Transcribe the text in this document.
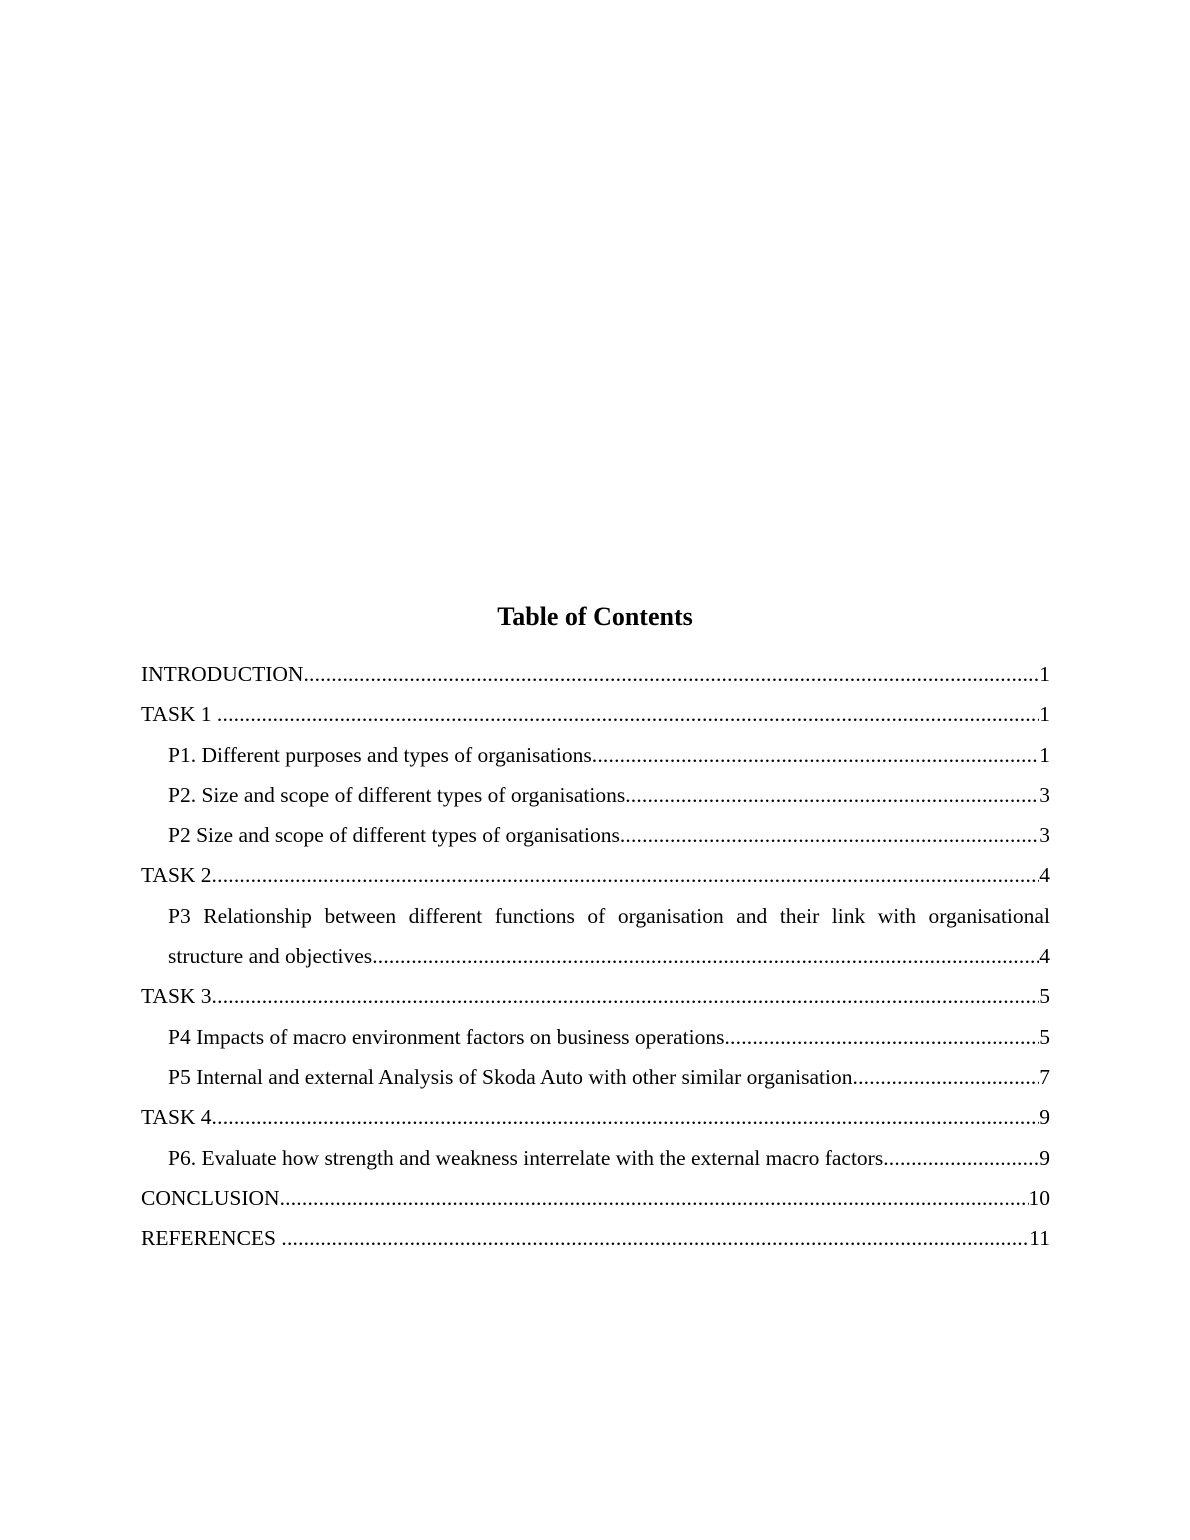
Table of Contents
INTRODUCTION .....	1
TASK 1 .....	1
P1. Different purposes and types of organisations .....	1
P2. Size and scope of different types of organisations .....	3
P2 Size and scope of different types of organisations .....	3
TASK 2 .....	4
P3 Relationship between different functions of organisation and their link with organisational
structure and objectives .....	4
TASK 3 .....	5
P4 Impacts of macro environment factors on business operations .....	5
P5 Internal and external Analysis of Skoda Auto with other similar organisation .....	7
TASK 4 .....	9
P6. Evaluate how strength and weakness interrelate with the external macro factors .....	9
CONCLUSION .....	10
REFERENCES .....	11
